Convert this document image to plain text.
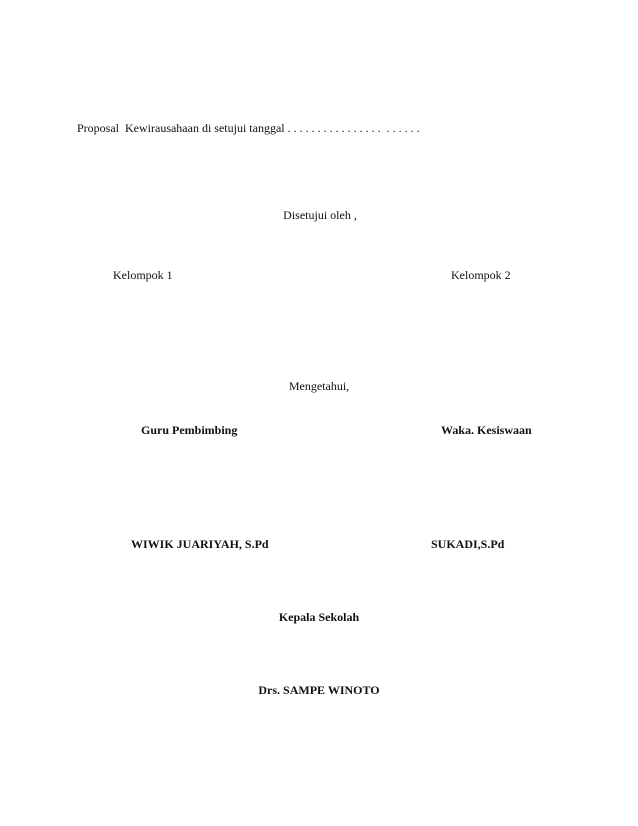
Proposal  Kewirausahaan di setujui tanggal . . . . . . . . . . . . . . . .  . . . . . .
Disetujui oleh ,
Kelompok 1	Kelompok 2
Mengetahui,
Guru Pembimbing	Waka. Kesiswaan
WIWIK JUARIYAH, S.Pd	SUKADI,S.Pd
Kepala Sekolah
Drs. SAMPE WINOTO
